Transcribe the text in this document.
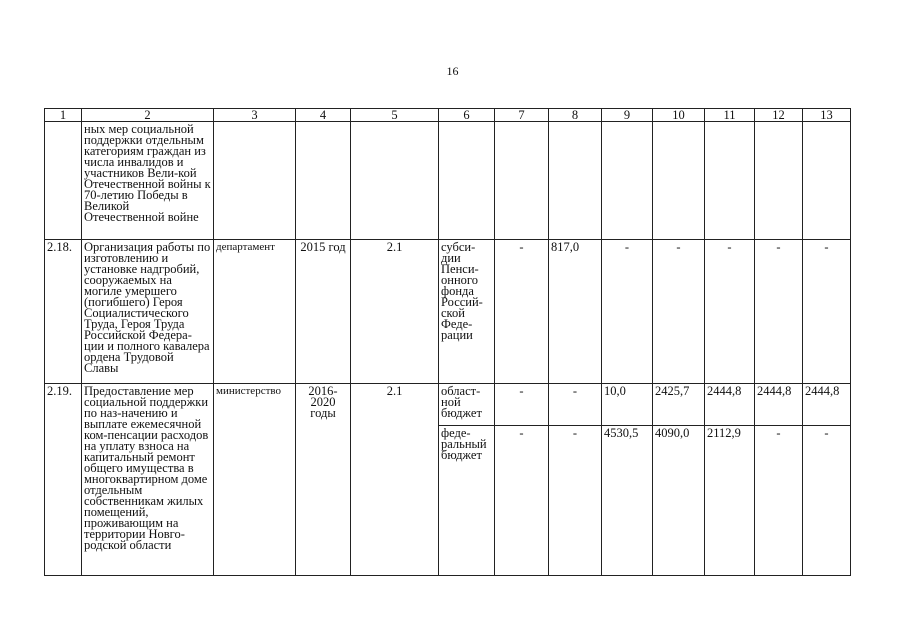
16
1	2	3	4	5	6	7	8	9	10	11	12	13
	ных мер социальной поддержки отдельным категориям граждан из числа инвалидов и участников Вели-кой Отечественной войны к 70-летию Победы в Великой Отечественной войне											
2.18.	Организация работы по изготовлению и установке надгробий, сооружаемых на могиле умершего (погибшего) Героя Социалистического Труда, Героя Труда Российской Федера-ции и полного кавалера ордена Трудовой Славы	департамент	2015 год	2.1	субси-дии Пенси-онного фонда Россий-ской Феде-рации	-	817,0	-	-	-	-	-
2.19.	Предоставление мер социальной поддержки по наз-начению и выплате ежемесячной ком-пенсации расходов на уплату взноса на капитальный ремонт общего имущества в многоквартирном доме отдельным собственникам жилых помещений, проживающим на территории Новго-родской области	министерство	2016-2020 годы	2.1	област-ной бюджет	-	-	10,0	2425,7	2444,8	2444,8	2444,8
					феде-ральный бюджет	-	-	4530,5	4090,0	2112,9	-	-
